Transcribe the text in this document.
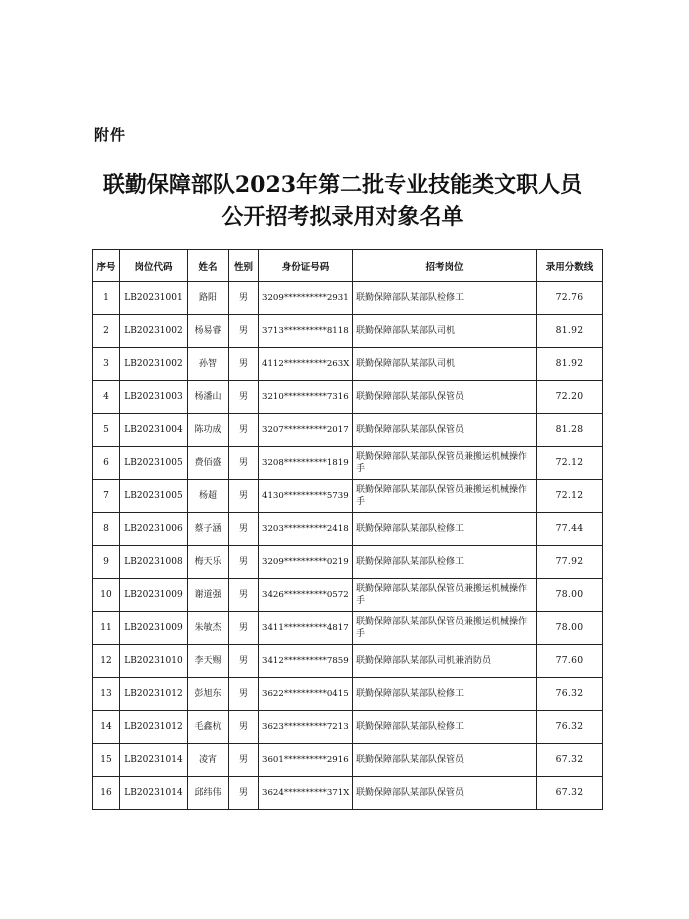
附件
联勤保障部队2023年第二批专业技能类文职人员
公开招考拟录用对象名单
序号	岗位代码	姓名	性别	身份证号码	招考岗位	录用分数线
1	LB20231001	路阳	男	3209**********2931	联勤保障部队某部队检修工	72.76
2	LB20231002	杨易睿	男	3713**********8118	联勤保障部队某部队司机	81.92
3	LB20231002	孙智	男	4112**********263X	联勤保障部队某部队司机	81.92
4	LB20231003	杨潘山	男	3210**********7316	联勤保障部队某部队保管员	72.20
5	LB20231004	陈功成	男	3207**********2017	联勤保障部队某部队保管员	81.28
6	LB20231005	费佰盛	男	3208**********1819	联勤保障部队某部队保管员兼搬运机械操作手	72.12
7	LB20231005	杨超	男	4130**********5739	联勤保障部队某部队保管员兼搬运机械操作手	72.12
8	LB20231006	蔡子涵	男	3203**********2418	联勤保障部队某部队检修工	77.44
9	LB20231008	梅天乐	男	3209**********0219	联勤保障部队某部队检修工	77.92
10	LB20231009	谢道强	男	3426**********0572	联勤保障部队某部队保管员兼搬运机械操作手	78.00
11	LB20231009	朱敏杰	男	3411**********4817	联勤保障部队某部队保管员兼搬运机械操作手	78.00
12	LB20231010	李天赐	男	3412**********7859	联勤保障部队某部队司机兼消防员	77.60
13	LB20231012	彭旭东	男	3622**********0415	联勤保障部队某部队检修工	76.32
14	LB20231012	毛鑫杭	男	3623**********7213	联勤保障部队某部队检修工	76.32
15	LB20231014	凌宵	男	3601**********2916	联勤保障部队某部队保管员	67.32
16	LB20231014	邱纬伟	男	3624**********371X	联勤保障部队某部队保管员	67.32
